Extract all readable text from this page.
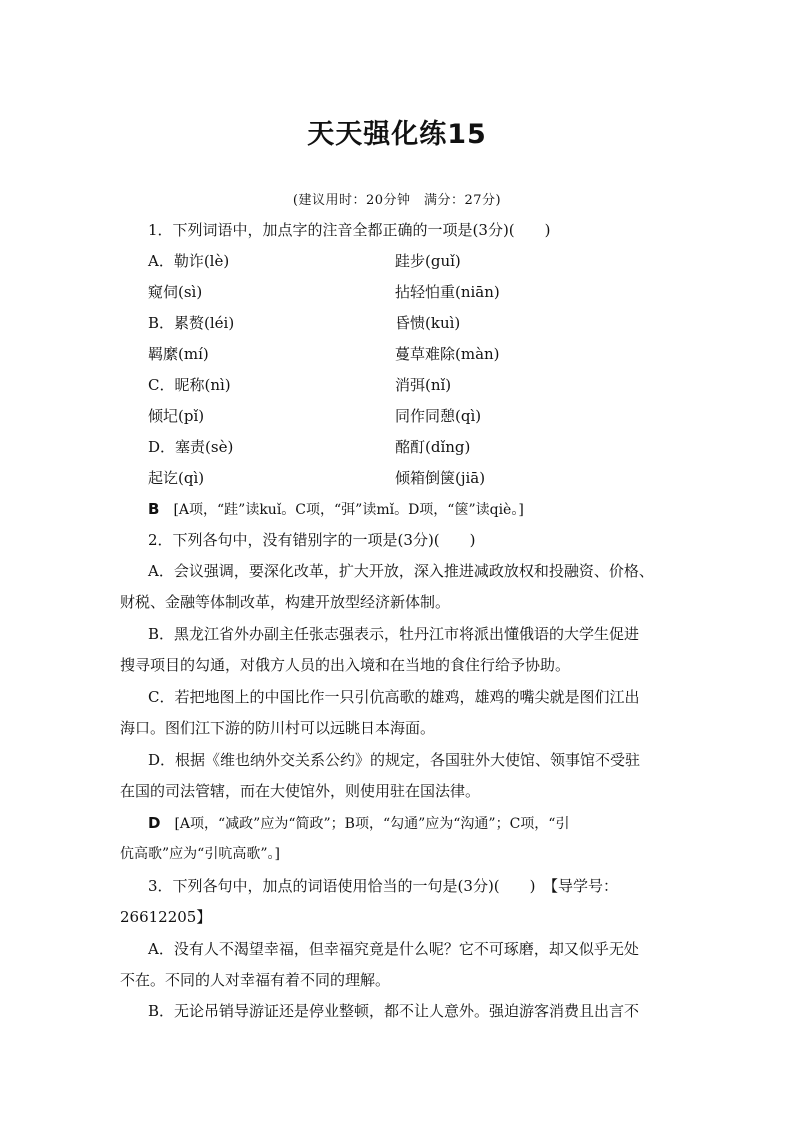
天天强化练15
(建议用时：20分钟　满分：27分)
1．下列词语中，加点字的注音全都正确的一项是(3分)(　　)
A．勒诈(lè)	跬步(guǐ)
窥伺(sì)	拈轻怕重(niān)
B．累赘(léi)	昏愦(kuì)
羁縻(mí)	蔓草难除(màn)
C．昵称(nì)	消弭(nǐ)
倾圮(pǐ)	同作同憩(qì)
D．塞责(sè)	酩酊(dǐng)
起讫(qì)	倾箱倒箧(jiā)
B　 [A项，“跬”读kuǐ。C项，“弭”读mǐ。D项，“箧”读qiè。]
2．下列各句中，没有错别字的一项是(3分)(　　)
A．会议强调，要深化改革，扩大开放，深入推进减政放权和投融资、价格、
财税、金融等体制改革，构建开放型经济新体制。
B．黑龙江省外办副主任张志强表示，牡丹江市将派出懂俄语的大学生促进
搜寻项目的勾通，对俄方人员的出入境和在当地的食住行给予协助。
C．若把地图上的中国比作一只引伉高歌的雄鸡，雄鸡的嘴尖就是图们江出
海口。图们江下游的防川村可以远眺日本海面。
D．根据《维也纳外交关系公约》的规定，各国驻外大使馆、领事馆不受驻
在国的司法管辖，而在大使馆外，则使用驻在国法律。
D　 [A项，“减政”应为“简政”；B项，“勾通”应为“沟通”；C项，“引
伉高歌”应为“引吭高歌”。]
3．下列各句中，加点的词语使用恰当的一句是(3分)(　　)　【导学号：
26612205】
A．没有人不渴望幸福，但幸福究竟是什么呢？它不可琢磨，却又似乎无处
不在。不同的人对幸福有着不同的理解。
B．无论吊销导游证还是停业整顿，都不让人意外。强迫游客消费且出言不
